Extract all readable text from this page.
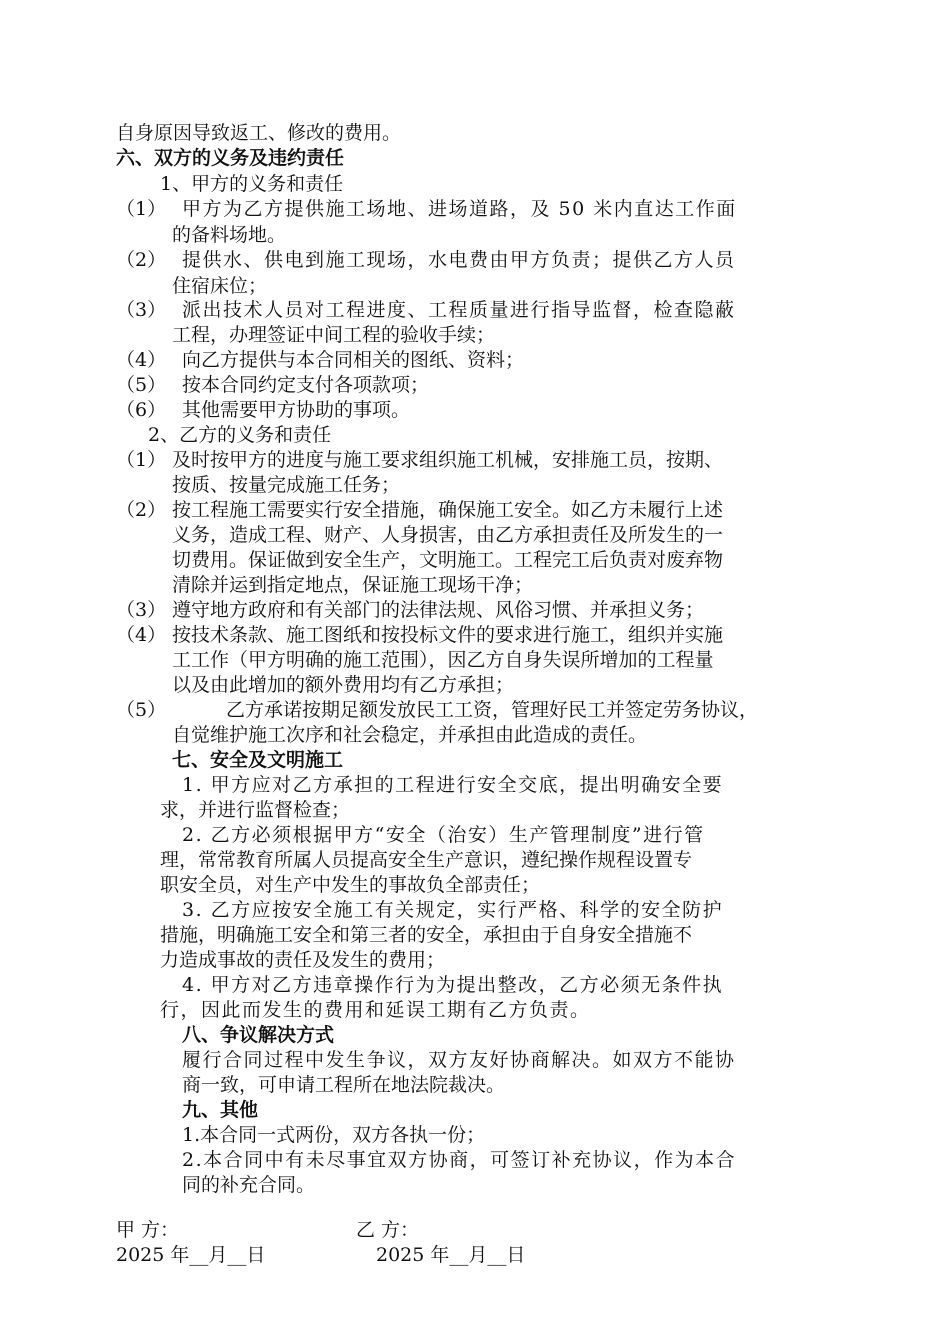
自身原因导致返工、修改的费用。
六、双方的义务及违约责任
1、甲方的义务和责任
（1） 甲方为乙方提供施工场地、进场道路，及 50 米内直达工作面
的备料场地。
（2） 提供水、供电到施工现场，水电费由甲方负责；提供乙方人员
住宿床位；
（3） 派出技术人员对工程进度、工程质量进行指导监督，检查隐蔽
工程，办理签证中间工程的验收手续；
（4） 向乙方提供与本合同相关的图纸、资料；
（5） 按本合同约定支付各项款项；
（6） 其他需要甲方协助的事项。
2、乙方的义务和责任
（1） 及时按甲方的进度与施工要求组织施工机械，安排施工员，按期、
按质、按量完成施工任务；
（2） 按工程施工需要实行安全措施，确保施工安全。如乙方未履行上述
义务，造成工程、财产、人身损害，由乙方承担责任及所发生的一
切费用。保证做到安全生产，文明施工。工程完工后负责对废弃物
清除并运到指定地点，保证施工现场干净；
（3） 遵守地方政府和有关部门的法律法规、风俗习惯、并承担义务；
（4） 按技术条款、施工图纸和按投标文件的要求进行施工，组织并实施
工工作（甲方明确的施工范围），因乙方自身失误所增加的工程量
以及由此增加的额外费用均有乙方承担；
（5）	乙方承诺按期足额发放民工工资，管理好民工并签定劳务协议，
自觉维护施工次序和社会稳定，并承担由此造成的责任。
七、安全及文明施工
1. 甲方应对乙方承担的工程进行安全交底，提出明确安全要
求，并进行监督检查；
2. 乙方必须根据甲方“安全（治安）生产管理制度”进行管
理，常常教育所属人员提高安全生产意识，遵纪操作规程设置专
职安全员，对生产中发生的事故负全部责任；
3. 乙方应按安全施工有关规定，实行严格、科学的安全防护
措施，明确施工安全和第三者的安全，承担由于自身安全措施不
力造成事故的责任及发生的费用；
4. 甲方对乙方违章操作行为为提出整改，乙方必须无条件执
行，因此而发生的费用和延误工期有乙方负责。
八、争议解决方式
履行合同过程中发生争议，双方友好协商解决。如双方不能协
商一致，可申请工程所在地法院裁决。
九、其他
1.本合同一式两份，双方各执一份；
2.本合同中有未尽事宜双方协商，可签订补充协议，作为本合
同的补充合同。
甲 方：	乙 方：
2025 年__月__日	2025 年__月__日
